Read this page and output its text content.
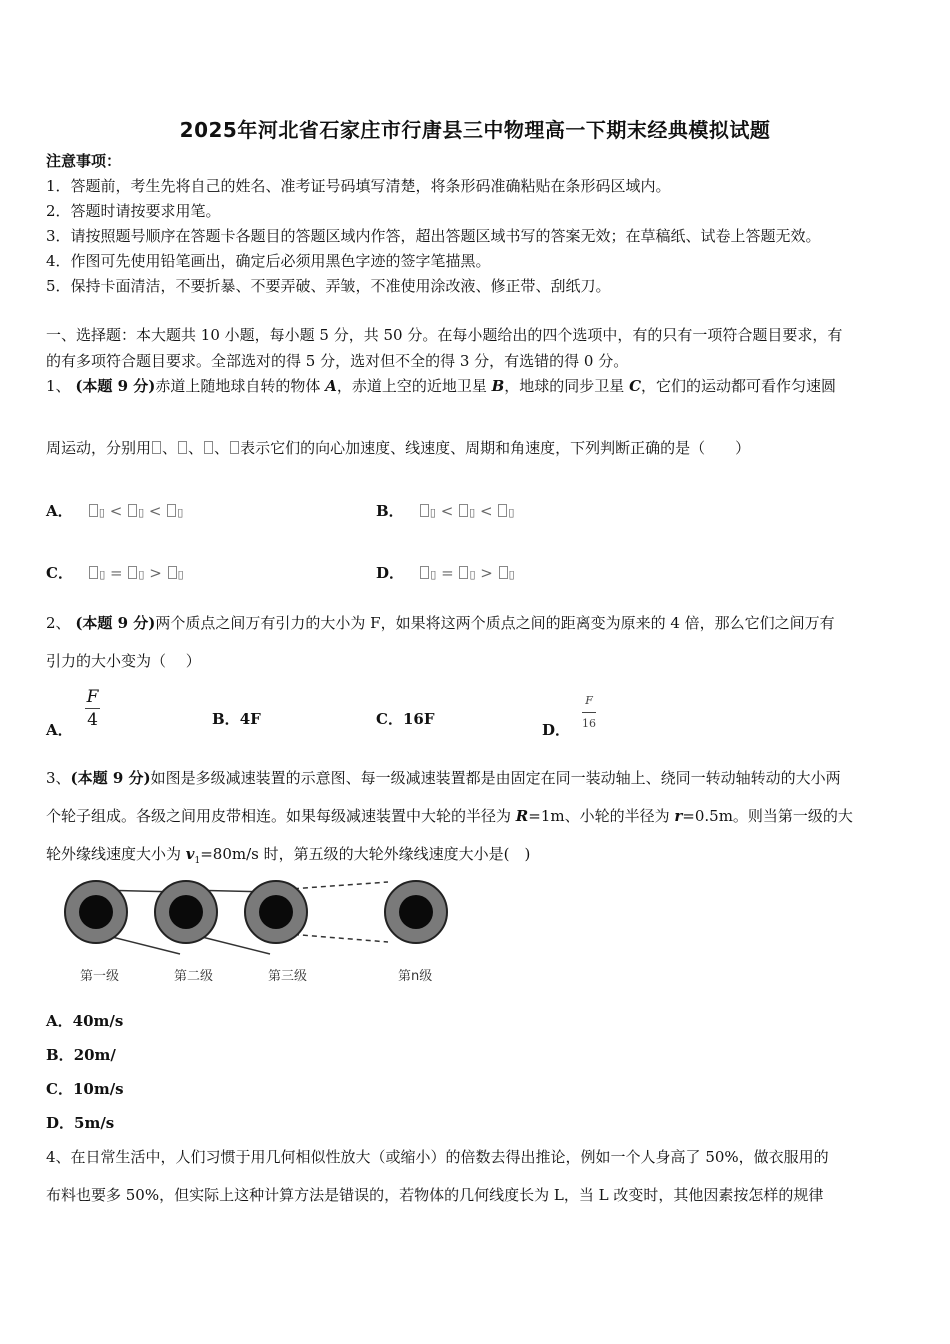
2025年河北省石家庄市行唐县三中物理高一下期末经典模拟试题
注意事项：
1．答题前，考生先将自己的姓名、准考证号码填写清楚，将条形码准确粘贴在条形码区域内。
2．答题时请按要求用笔。
3．请按照题号顺序在答题卡各题目的答题区域内作答，超出答题区域书写的答案无效；在草稿纸、试卷上答题无效。
4．作图可先使用铅笔画出，确定后必须用黑色字迹的签字笔描黑。
5．保持卡面清洁，不要折暴、不要弄破、弄皱，不准使用涂改液、修正带、刮纸刀。
一、选择题：本大题共 10 小题，每小题 5 分，共 50 分。在每小题给出的四个选项中，有的只有一项符合题目要求，有
的有多项符合题目要求。全部选对的得 5 分，选对但不全的得 3 分，有选错的得 0 分。
1、 (本题 9 分)赤道上随地球自转的物体 A，赤道上空的近地卫星 B，地球的同步卫星 C，它们的运动都可看作匀速圆
周运动，分别用 、 、 、 表示它们的向心加速度、线速度、周期和角速度，下列判断正确的是（　　）
A． ▯ < ▯ < ▯	B． ▯ < ▯ < ▯
C． ▯ = ▯ > ▯	D． ▯ = ▯ > ▯
2、 (本题 9 分)两个质点之间万有引力的大小为 F，如果将这两个质点之间的距离变为原来的 4 倍，那么它们之间万有
引力的大小变为（　 ）
A． $\frac{F}{4}$	B．4F	C．16F
D． $\frac{F}{16}$
3、(本题 9 分)如图是多级减速装置的示意图、每一级减速装置都是由固定在同一装动轴上、绕同一转动轴转动的大小两
个轮子组成。各级之间用皮带相连。如果每级减速装置中大轮的半径为 R=1m、小轮的半径为 r=0.5m。则当第一级的大
轮外缘线速度大小为 $v_1=80m/s$ 时，第五级的大轮外缘线速度大小是(　)
第一级	第二级	第三级	第n级
A．40m/s
B．20m/
C．10m/s
D．5m/s
4、在日常生活中，人们习惯于用几何相似性放大（或缩小）的倍数去得出推论，例如一个人身高了 50%，做衣服用的
布料也要多 50%，但实际上这种计算方法是错误的，若物体的几何线度长为 L，当 L 改变时，其他因素按怎样的规律
